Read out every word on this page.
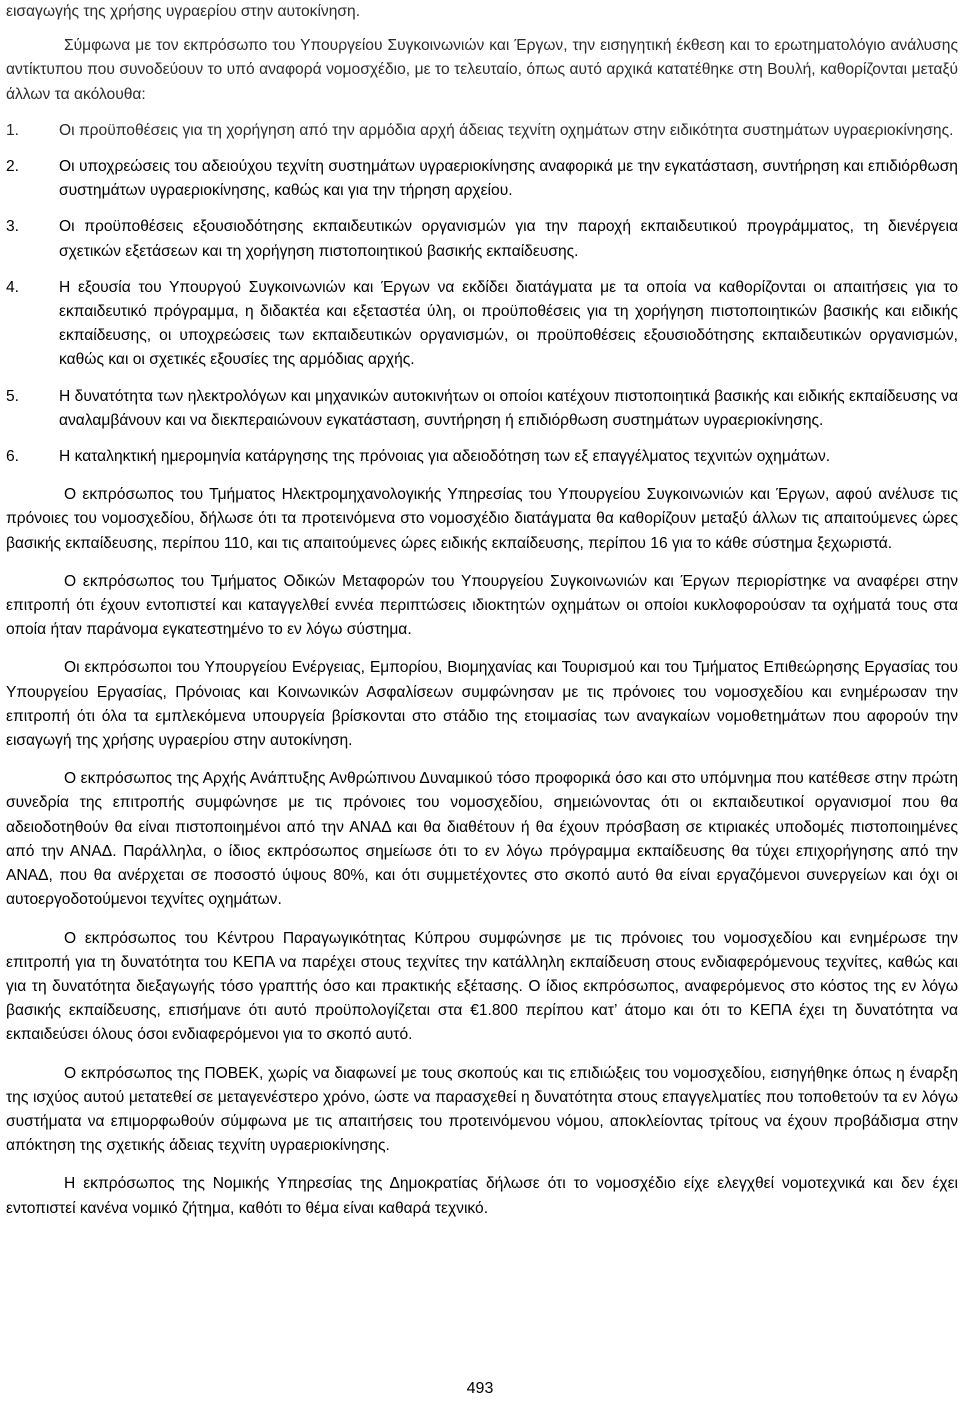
εισαγωγής της χρήσης υγραερίου στην αυτοκίνηση.

Σύμφωνα με τον εκπρόσωπο του Υπουργείου Συγκοινωνιών και Έργων, την εισηγητική έκθεση και το ερωτηματολόγιο ανάλυσης αντίκτυπου που συνοδεύουν το υπό αναφορά νομοσχέδιο, με το τελευταίο, όπως αυτό αρχικά κατατέθηκε στη Βουλή, καθορίζονται μεταξύ άλλων τα ακόλουθα:

1.	Οι προϋποθέσεις για τη χορήγηση από την αρμόδια αρχή άδειας τεχνίτη οχημάτων στην ειδικότητα συστημάτων υγραεριοκίνησης.
2.	Οι υποχρεώσεις του αδειούχου τεχνίτη συστημάτων υγραεριοκίνησης αναφορικά με την εγκατάσταση, συντήρηση και επιδιόρθωση συστημάτων υγραεριοκίνησης, καθώς και για την τήρηση αρχείου.
3.	Οι προϋποθέσεις εξουσιοδότησης εκπαιδευτικών οργανισμών για την παροχή εκπαιδευτικού προγράμματος, τη διενέργεια σχετικών εξετάσεων και τη χορήγηση πιστοποιητικού βασικής εκπαίδευσης.
4.	Η εξουσία του Υπουργού Συγκοινωνιών και Έργων να εκδίδει διατάγματα με τα οποία να καθορίζονται οι απαιτήσεις για το εκπαιδευτικό πρόγραμμα, η διδακτέα και εξεταστέα ύλη, οι προϋποθέσεις για τη χορήγηση πιστοποιητικών βασικής και ειδικής εκπαίδευσης, οι υποχρεώσεις των εκπαιδευτικών οργανισμών, οι προϋποθέσεις εξουσιοδότησης εκπαιδευτικών οργανισμών, καθώς και οι σχετικές εξουσίες της αρμόδιας αρχής.
5.	Η δυνατότητα των ηλεκτρολόγων και μηχανικών αυτοκινήτων οι οποίοι κατέχουν πιστοποιητικά βασικής και ειδικής εκπαίδευσης να αναλαμβάνουν και να διεκπεραιώνουν εγκατάσταση, συντήρηση ή επιδιόρθωση συστημάτων υγραεριοκίνησης.
6.	Η καταληκτική ημερομηνία κατάργησης της πρόνοιας για αδειοδότηση των εξ επαγγέλματος τεχνιτών οχημάτων.

Ο εκπρόσωπος του Τμήματος Ηλεκτρομηχανολογικής Υπηρεσίας του Υπουργείου Συγκοινωνιών και Έργων, αφού ανέλυσε τις πρόνοιες του νομοσχεδίου, δήλωσε ότι τα προτεινόμενα στο νομοσχέδιο διατάγματα θα καθορίζουν μεταξύ άλλων τις απαιτούμενες ώρες βασικής εκπαίδευσης, περίπου 110, και τις απαιτούμενες ώρες ειδικής εκπαίδευσης, περίπου 16 για το κάθε σύστημα ξεχωριστά.

Ο εκπρόσωπος του Τμήματος Οδικών Μεταφορών του Υπουργείου Συγκοινωνιών και Έργων περιορίστηκε να αναφέρει στην επιτροπή ότι έχουν εντοπιστεί και καταγγελθεί εννέα περιπτώσεις ιδιοκτητών οχημάτων οι οποίοι κυκλοφορούσαν τα οχήματά τους στα οποία ήταν παράνομα εγκατεστημένο το εν λόγω σύστημα.

Οι εκπρόσωποι του Υπουργείου Ενέργειας, Εμπορίου, Βιομηχανίας και Τουρισμού και του Τμήματος Επιθεώρησης Εργασίας του Υπουργείου Εργασίας, Πρόνοιας και Κοινωνικών Ασφαλίσεων συμφώνησαν με τις πρόνοιες του νομοσχεδίου και ενημέρωσαν την επιτροπή ότι όλα τα εμπλεκόμενα υπουργεία βρίσκονται στο στάδιο της ετοιμασίας των αναγκαίων νομοθετημάτων που αφορούν την εισαγωγή της χρήσης υγραερίου στην αυτοκίνηση.

Ο εκπρόσωπος της Αρχής Ανάπτυξης Ανθρώπινου Δυναμικού τόσο προφορικά όσο και στο υπόμνημα που κατέθεσε στην πρώτη συνεδρία της επιτροπής συμφώνησε με τις πρόνοιες του νομοσχεδίου, σημειώνοντας ότι οι εκπαιδευτικοί οργανισμοί που θα αδειοδοτηθούν θα είναι πιστοποιημένοι από την ΑΝΑΔ και θα διαθέτουν ή θα έχουν πρόσβαση σε κτιριακές υποδομές πιστοποιημένες από την ΑΝΑΔ. Παράλληλα, ο ίδιος εκπρόσωπος σημείωσε ότι το εν λόγω πρόγραμμα εκπαίδευσης θα τύχει επιχορήγησης από την ΑΝΑΔ, που θα ανέρχεται σε ποσοστό ύψους 80%, και ότι συμμετέχοντες στο σκοπό αυτό θα είναι εργαζόμενοι συνεργείων και όχι οι αυτοεργοδοτούμενοι τεχνίτες οχημάτων.

Ο εκπρόσωπος του Κέντρου Παραγωγικότητας Κύπρου συμφώνησε με τις πρόνοιες του νομοσχεδίου και ενημέρωσε την επιτροπή για τη δυνατότητα του ΚΕΠΑ να παρέχει στους τεχνίτες την κατάλληλη εκπαίδευση στους ενδιαφερόμενους τεχνίτες, καθώς και για τη δυνατότητα διεξαγωγής τόσο γραπτής όσο και πρακτικής εξέτασης. Ο ίδιος εκπρόσωπος, αναφερόμενος στο κόστος της εν λόγω βασικής εκπαίδευσης, επισήμανε ότι αυτό προϋπολογίζεται στα €1.800 περίπου κατ’ άτομο και ότι το ΚΕΠΑ έχει τη δυνατότητα να εκπαιδεύσει όλους όσοι ενδιαφερόμενοι για το σκοπό αυτό.

Ο εκπρόσωπος της ΠΟΒΕΚ, χωρίς να διαφωνεί με τους σκοπούς και τις επιδιώξεις του νομοσχεδίου, εισηγήθηκε όπως η έναρξη της ισχύος αυτού μετατεθεί σε μεταγενέστερο χρόνο, ώστε να παρασχεθεί η δυνατότητα στους επαγγελματίες που τοποθετούν τα εν λόγω συστήματα να επιμορφωθούν σύμφωνα με τις απαιτήσεις του προτεινόμενου νόμου, αποκλείοντας τρίτους να έχουν προβάδισμα στην απόκτηση της σχετικής άδειας τεχνίτη υγραεριοκίνησης.

Η εκπρόσωπος της Νομικής Υπηρεσίας της Δημοκρατίας δήλωσε ότι το νομοσχέδιο είχε ελεγχθεί νομοτεχνικά και δεν έχει εντοπιστεί κανένα νομικό ζήτημα, καθότι το θέμα είναι καθαρά τεχνικό.

493
